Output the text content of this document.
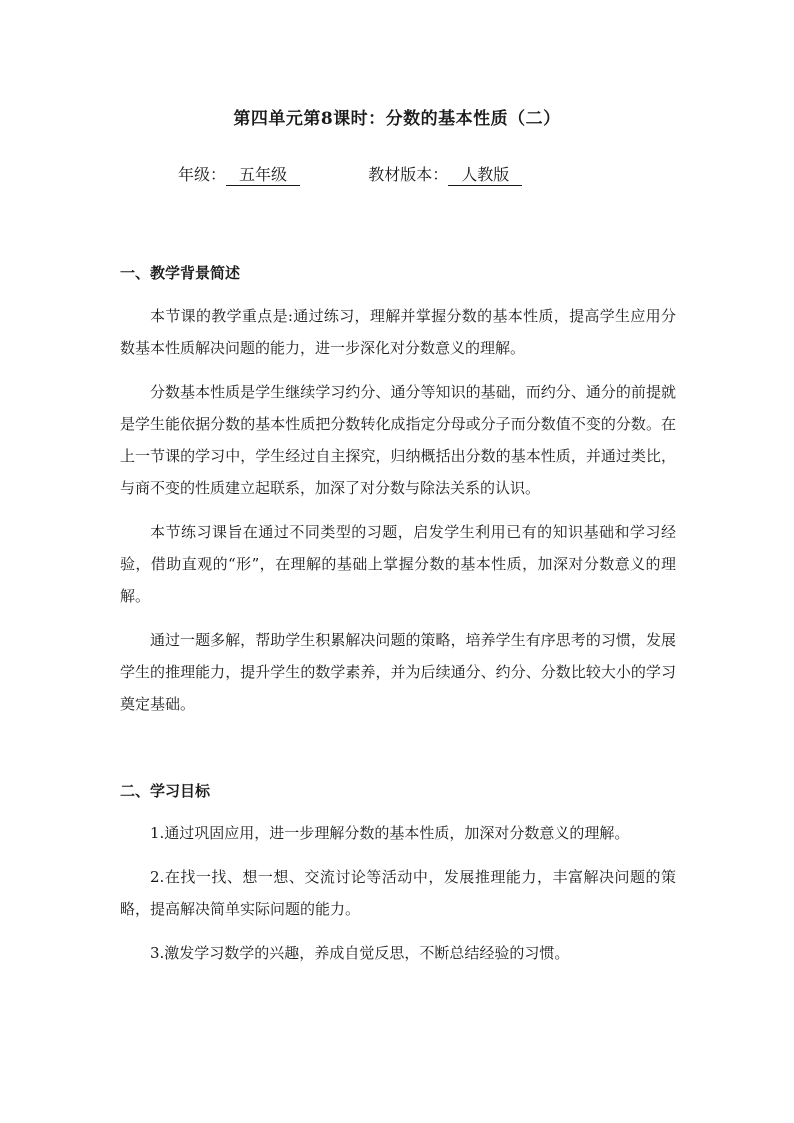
第四单元第8课时：分数的基本性质（二）
年级： 五年级	教材版本： 人教版
一、教学背景简述
本节课的教学重点是:通过练习，理解并掌握分数的基本性质，提高学生应用分数基本性质解决问题的能力，进一步深化对分数意义的理解。
分数基本性质是学生继续学习约分、通分等知识的基础，而约分、通分的前提就是学生能依据分数的基本性质把分数转化成指定分母或分子而分数值不变的分数。在上一节课的学习中，学生经过自主探究，归纳概括出分数的基本性质，并通过类比，与商不变的性质建立起联系，加深了对分数与除法关系的认识。
本节练习课旨在通过不同类型的习题，启发学生利用已有的知识基础和学习经验，借助直观的“形”，在理解的基础上掌握分数的基本性质，加深对分数意义的理解。
通过一题多解，帮助学生积累解决问题的策略，培养学生有序思考的习惯，发展学生的推理能力，提升学生的数学素养，并为后续通分、约分、分数比较大小的学习奠定基础。
二、学习目标
1.通过巩固应用，进一步理解分数的基本性质，加深对分数意义的理解。
2.在找一找、想一想、交流讨论等活动中，发展推理能力，丰富解决问题的策略，提高解决简单实际问题的能力。
3.激发学习数学的兴趣，养成自觉反思，不断总结经验的习惯。
